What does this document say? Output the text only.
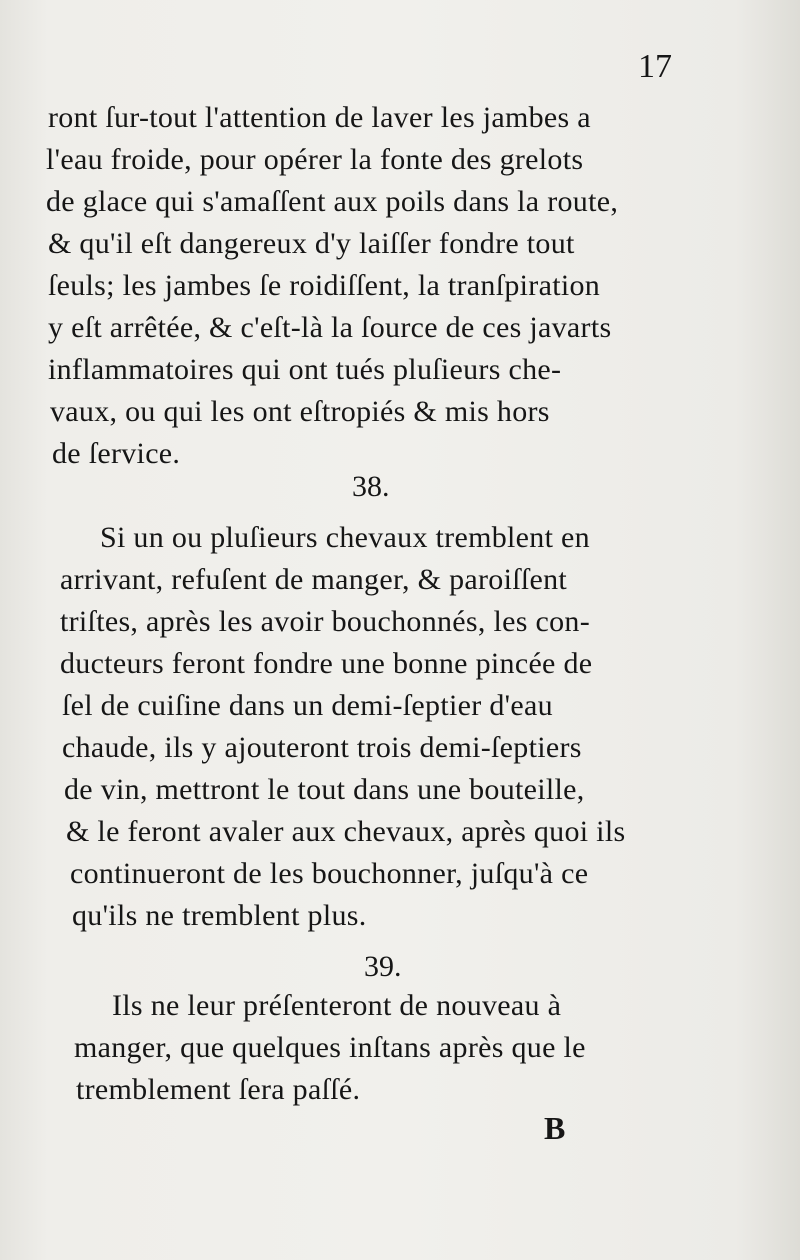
17
ront ſur-tout l'attention de laver les jambes a
l'eau froide, pour opérer la fonte des grelots
de glace qui s'amaſſent aux poils dans la route,
& qu'il eſt dangereux d'y laiſſer fondre tout
ſeuls; les jambes ſe roidiſſent, la tranſpiration
y eſt arrêtée, & c'eſt-là la ſource de ces javarts
inflammatoires qui ont tués pluſieurs che-
vaux, ou qui les ont eſtropiés & mis hors
de ſervice.
38.
Si un ou pluſieurs chevaux tremblent en
arrivant, refuſent de manger, & paroiſſent
triſtes, après les avoir bouchonnés, les con-
ducteurs feront fondre une bonne pincée de
ſel de cuiſine dans un demi-ſeptier d'eau
chaude, ils y ajouteront trois demi-ſeptiers
de vin, mettront le tout dans une bouteille,
& le feront avaler aux chevaux, après quoi ils
continueront de les bouchonner, juſqu'à ce
qu'ils ne tremblent plus.
39.
Ils ne leur préſenteront de nouveau à
manger, que quelques inſtans après que le
tremblement ſera paſſé.
B
